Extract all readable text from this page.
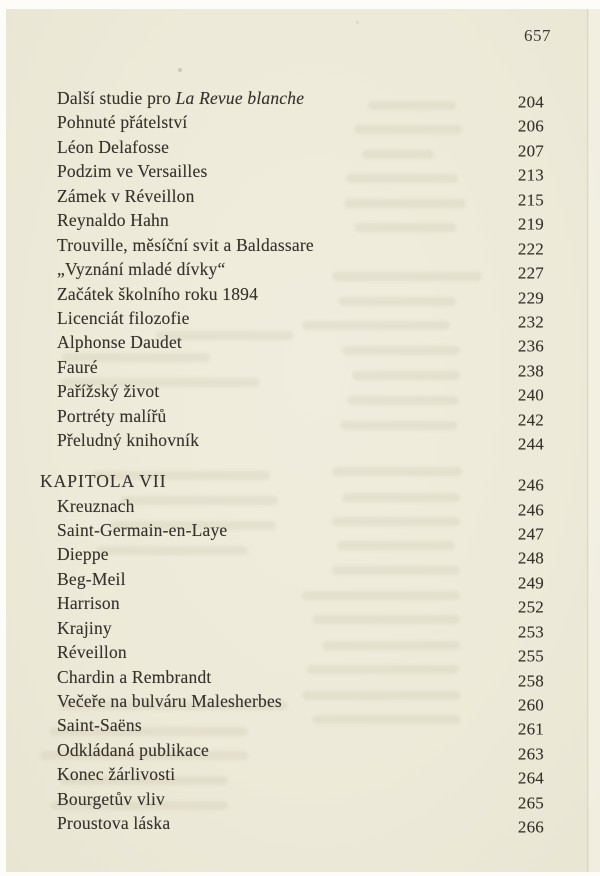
657
Další studie pro La Revue blanche	204
Pohnuté přátelství	206
Léon Delafosse	207
Podzim ve Versailles	213
Zámek v Réveillon	215
Reynaldo Hahn	219
Trouville, měsíční svit a Baldassare	222
„Vyznání mladé dívky“	227
Začátek školního roku 1894	229
Licenciát filozofie	232
Alphonse Daudet	236
Fauré	238
Pařížský život	240
Portréty malířů	242
Přeludný knihovník	244
KAPITOLA VII	246
Kreuznach	246
Saint-Germain-en-Laye	247
Dieppe	248
Beg-Meil	249
Harrison	252
Krajiny	253
Réveillon	255
Chardin a Rembrandt	258
Večeře na bulváru Malesherbes	260
Saint-Saëns	261
Odkládaná publikace	263
Konec žárlivosti	264
Bourgetův vliv	265
Proustova láska	266
